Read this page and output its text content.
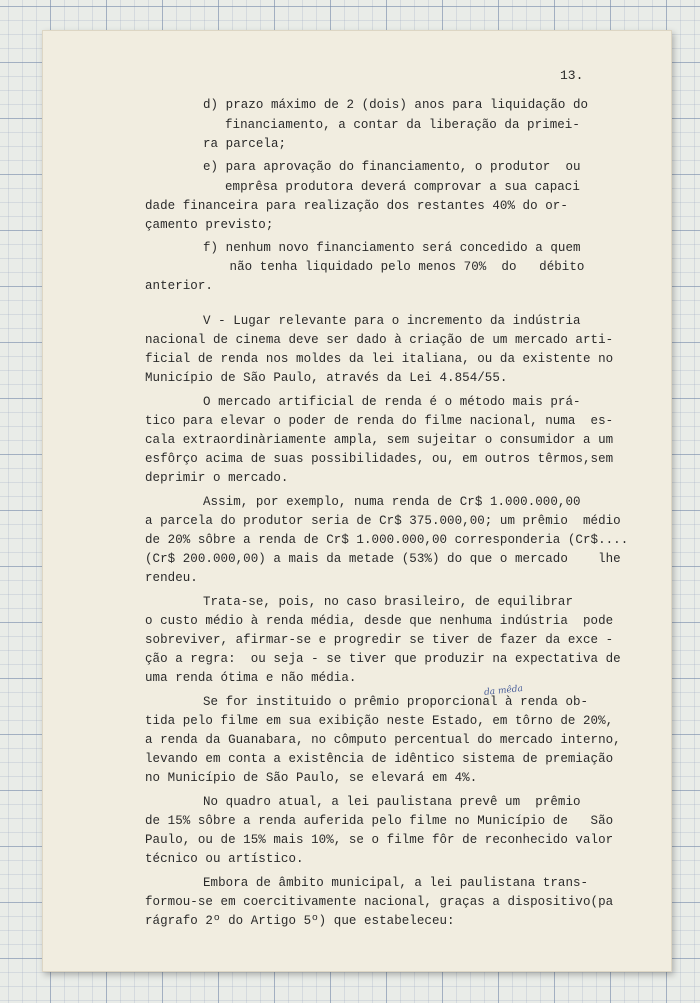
13.
da mêda
d) prazo máximo de 2 (dois) anos para liquidação do
financiamento, a contar da liberação da primei-
ra parcela;
e) para aprovação do financiamento, o produtor  ou
emprêsa produtora deverá comprovar a sua capaci
dade financeira para realização dos restantes 40% do or-
çamento previsto;
f) nenhum novo financiamento será concedido a quem
não tenha liquidado pelo menos 70%  do   débito
anterior.
V - Lugar relevante para o incremento da indústria
nacional de cinema deve ser dado à criação de um mercado arti-
ficial de renda nos moldes da lei italiana, ou da existente no
Município de São Paulo, através da Lei 4.854/55.
O mercado artificial de renda é o método mais prá-
tico para elevar o poder de renda do filme nacional, numa  es-
cala extraordinàriamente ampla, sem sujeitar o consumidor a um
esfôrço acima de suas possibilidades, ou, em outros têrmos,sem
deprimir o mercado.
Assim, por exemplo, numa renda de Cr$ 1.000.000,00
a parcela do produtor seria de Cr$ 375.000,00; um prêmio  médio
de 20% sôbre a renda de Cr$ 1.000.000,00 corresponderia (Cr$....
(Cr$ 200.000,00) a mais da metade (53%) do que o mercado    lhe
rendeu.
Trata-se, pois, no caso brasileiro, de equilibrar
o custo médio à renda média, desde que nenhuma indústria  pode
sobreviver, afirmar-se e progredir se tiver de fazer da exce -
ção a regra:  ou seja - se tiver que produzir na expectativa de
uma renda ótima e não média.
Se for instituido o prêmio proporcional à renda ob-
tida pelo filme em sua exibição neste Estado, em tôrno de 20%,
a renda da Guanabara, no cômputo percentual do mercado interno,
levando em conta a existência de idêntico sistema de premiação
no Município de São Paulo, se elevará em 4%.
No quadro atual, a lei paulistana prevê um  prêmio
de 15% sôbre a renda auferida pelo filme no Município de   São
Paulo, ou de 15% mais 10%, se o filme fôr de reconhecido valor
técnico ou artístico.
Embora de âmbito municipal, a lei paulistana trans-
formou-se em coercitivamente nacional, graças a dispositivo(pa
rágrafo 2º do Artigo 5º) que estabeleceu:
